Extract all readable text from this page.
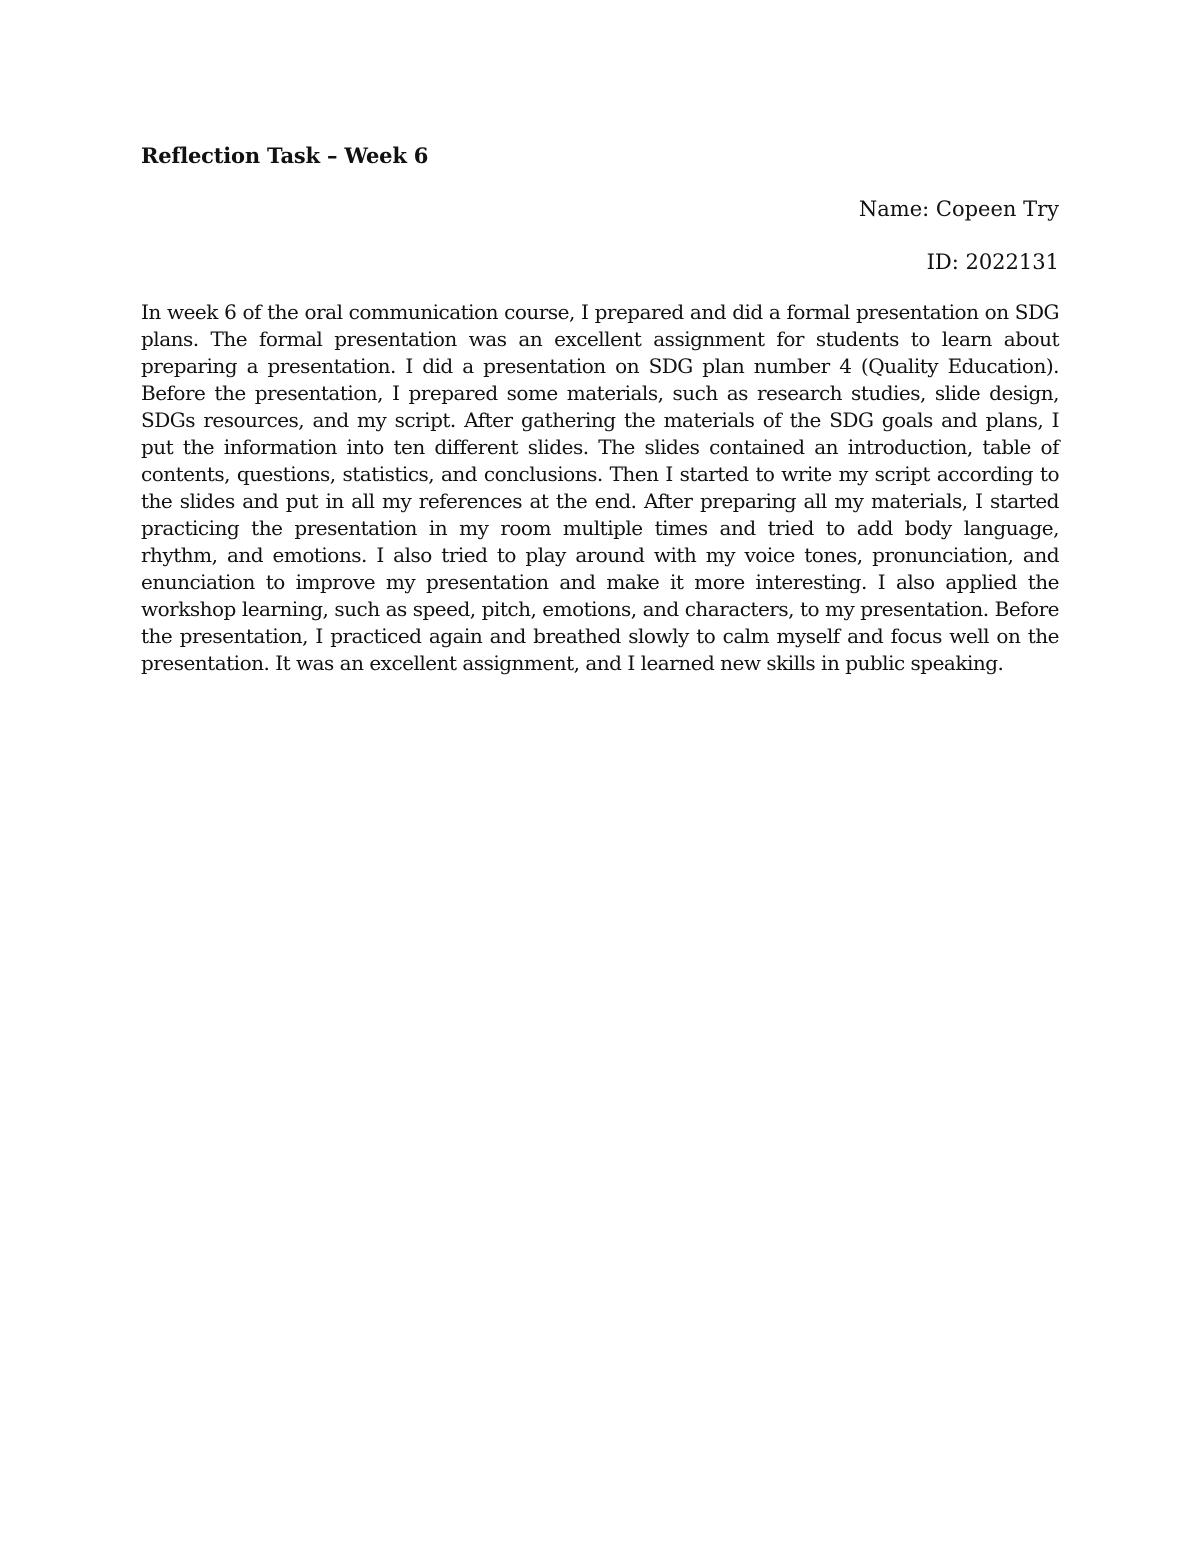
Reflection Task – Week 6

Name: Copeen Try

ID: 2022131

In week 6 of the oral communication course, I prepared and did a formal presentation on SDG plans. The formal presentation was an excellent assignment for students to learn about preparing a presentation. I did a presentation on SDG plan number 4 (Quality Education). Before the presentation, I prepared some materials, such as research studies, slide design, SDGs resources, and my script. After gathering the materials of the SDG goals and plans, I put the information into ten different slides. The slides contained an introduction, table of contents, questions, statistics, and conclusions. Then I started to write my script according to the slides and put in all my references at the end. After preparing all my materials, I started practicing the presentation in my room multiple times and tried to add body language, rhythm, and emotions. I also tried to play around with my voice tones, pronunciation, and enunciation to improve my presentation and make it more interesting. I also applied the workshop learning, such as speed, pitch, emotions, and characters, to my presentation. Before the presentation, I practiced again and breathed slowly to calm myself and focus well on the presentation. It was an excellent assignment, and I learned new skills in public speaking.
